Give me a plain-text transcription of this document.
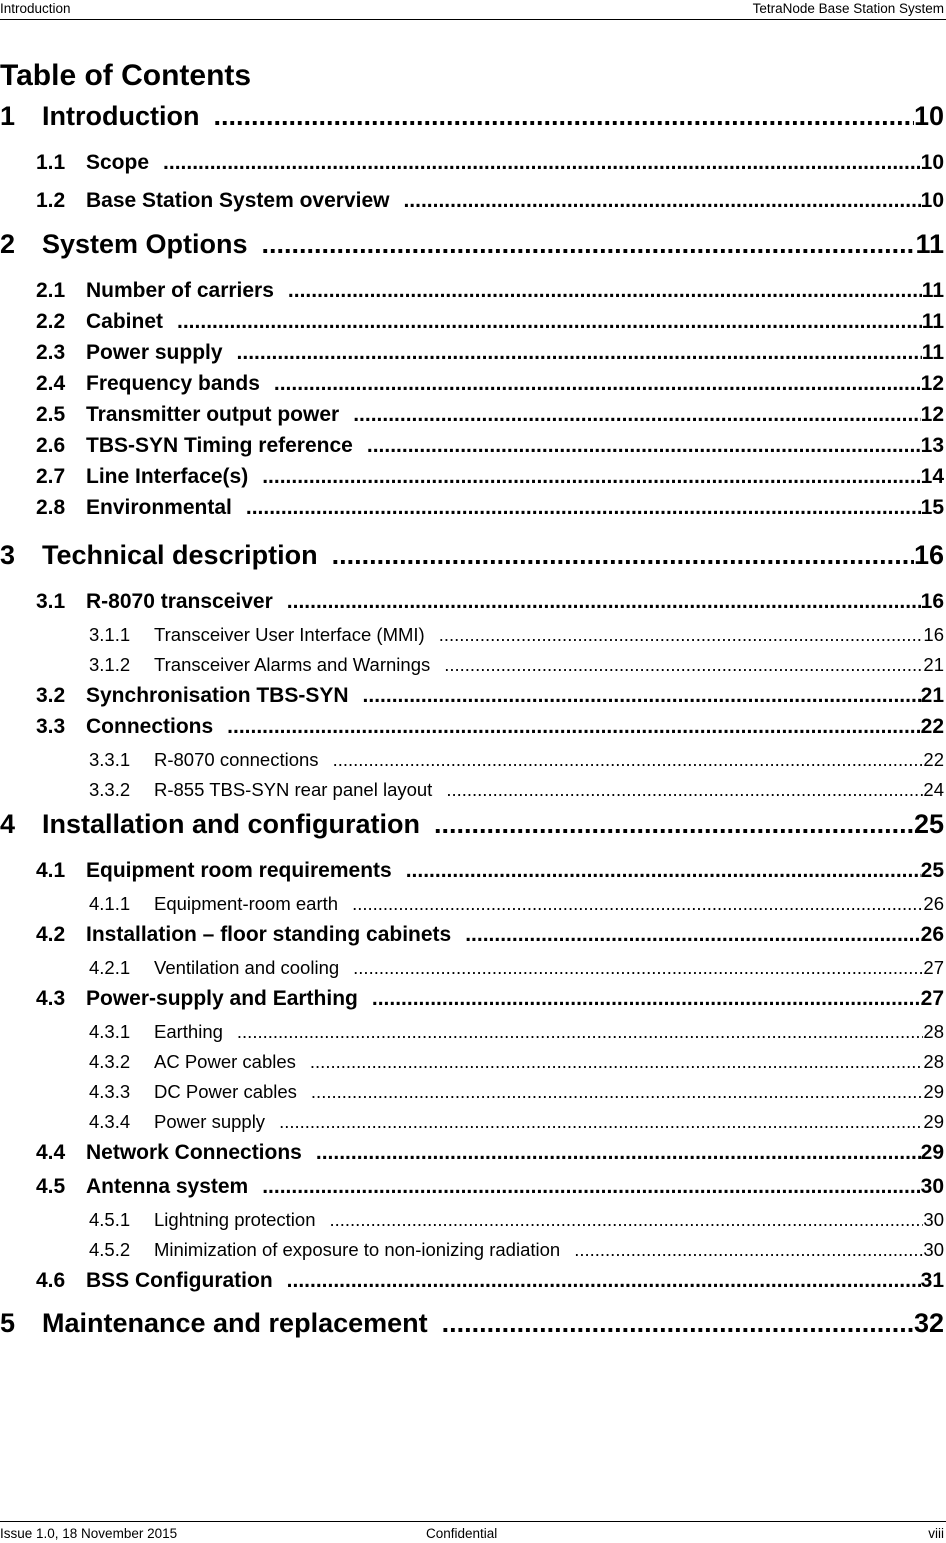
Introduction	TetraNode Base Station System
Table of Contents
1 Introduction .....	10
1.1 Scope .....	10
1.2 Base Station System overview .....	10
2 System Options .....	11
2.1 Number of carriers .....	11
2.2 Cabinet .....	11
2.3 Power supply .....	11
2.4 Frequency bands .....	12
2.5 Transmitter output power .....	12
2.6 TBS-SYN Timing reference .....	13
2.7 Line Interface(s) .....	14
2.8 Environmental .....	15
3 Technical description .....	16
3.1 R-8070 transceiver .....	16
3.1.1	Transceiver User Interface (MMI) .....	16
3.1.2	Transceiver Alarms and Warnings .....	21
3.2 Synchronisation TBS-SYN .....	21
3.3 Connections .....	22
3.3.1	R-8070 connections .....	22
3.3.2	R-855 TBS-SYN rear panel layout .....	24
4 Installation and configuration .....	25
4.1 Equipment room requirements .....	25
4.1.1	Equipment-room earth .....	26
4.2 Installation – floor standing cabinets .....	26
4.2.1	Ventilation and cooling .....	27
4.3 Power-supply and Earthing .....	27
4.3.1	Earthing .....	28
4.3.2	AC Power cables .....	28
4.3.3	DC Power cables .....	29
4.3.4	Power supply .....	29
4.4 Network Connections .....	29
4.5 Antenna system .....	30
4.5.1	Lightning protection .....	30
4.5.2	Minimization of exposure to non-ionizing radiation .....	30
4.6 BSS Configuration .....	31
5 Maintenance and replacement .....	32
Issue 1.0, 18 November 2015	Confidential	viii
